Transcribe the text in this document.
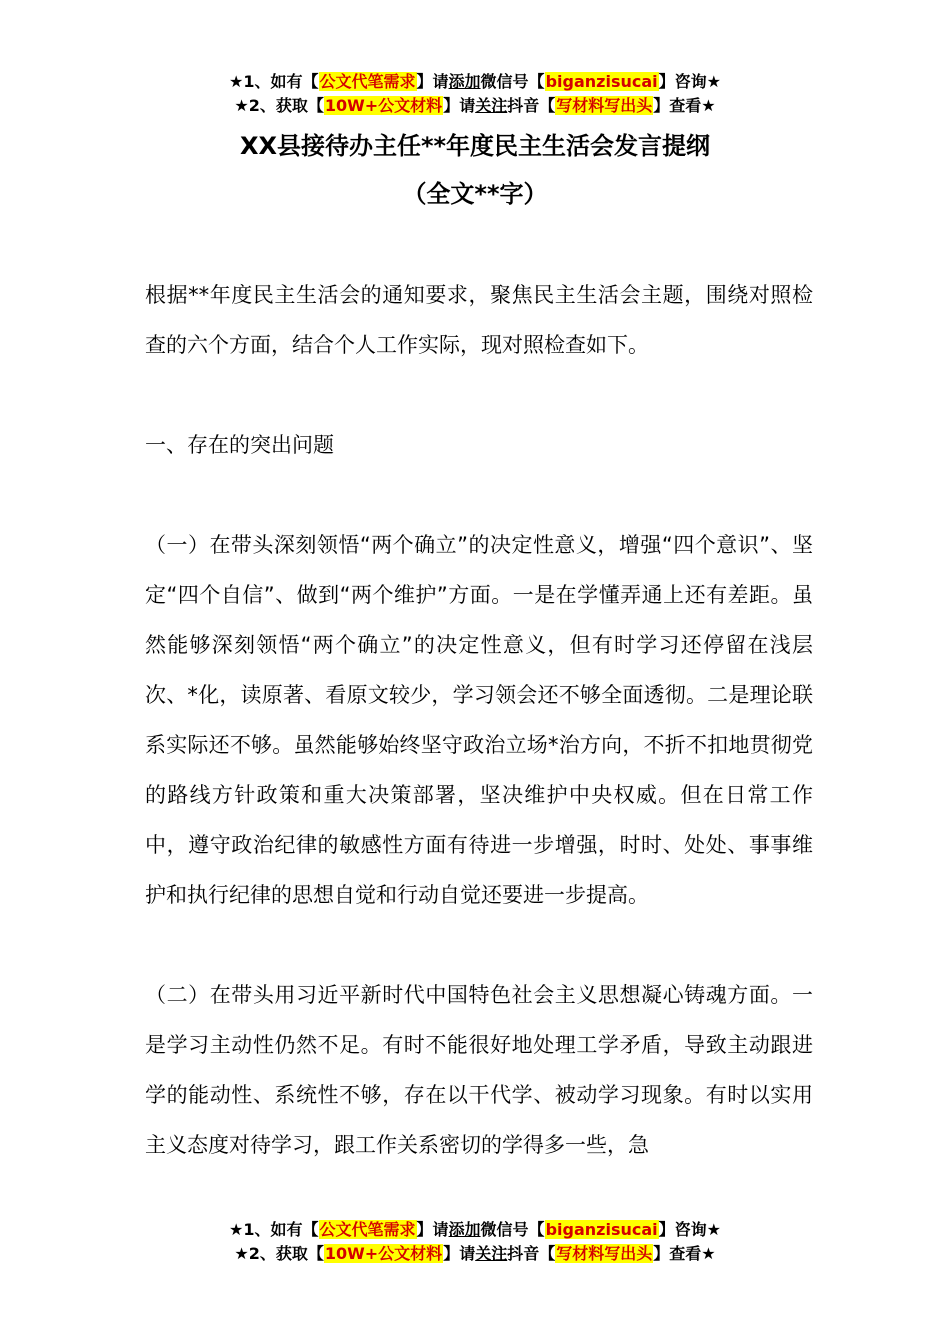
★1、如有【公文代笔需求】请添加微信号【biganzisucai】咨询★
★2、获取【10W+公文材料】请关注抖音【写材料写出头】查看★
XX县接待办主任**年度民主生活会发言提纲
（全文**字）

根据**年度民主生活会的通知要求，聚焦民主生活会主题，围绕对照检查的六个方面，结合个人工作实际，现对照检查如下。

一、存在的突出问题

（一）在带头深刻领悟“两个确立”的决定性意义，增强“四个意识”、坚定“四个自信”、做到“两个维护”方面。一是在学懂弄通上还有差距。虽然能够深刻领悟“两个确立”的决定性意义，但有时学习还停留在浅层次、*化，读原著、看原文较少，学习领会还不够全面透彻。二是理论联系实际还不够。虽然能够始终坚守政治立场*治方向，不折不扣地贯彻党的路线方针政策和重大决策部署，坚决维护中央权威。但在日常工作中，遵守政治纪律的敏感性方面有待进一步增强，时时、处处、事事维护和执行纪律的思想自觉和行动自觉还要进一步提高。

（二）在带头用习近平新时代中国特色社会主义思想凝心铸魂方面。一是学习主动性仍然不足。有时不能很好地处理工学矛盾，导致主动跟进学的能动性、系统性不够，存在以干代学、被动学习现象。有时以实用主义态度对待学习，跟工作关系密切的学得多一些，急

★1、如有【公文代笔需求】请添加微信号【biganzisucai】咨询★
★2、获取【10W+公文材料】请关注抖音【写材料写出头】查看★
